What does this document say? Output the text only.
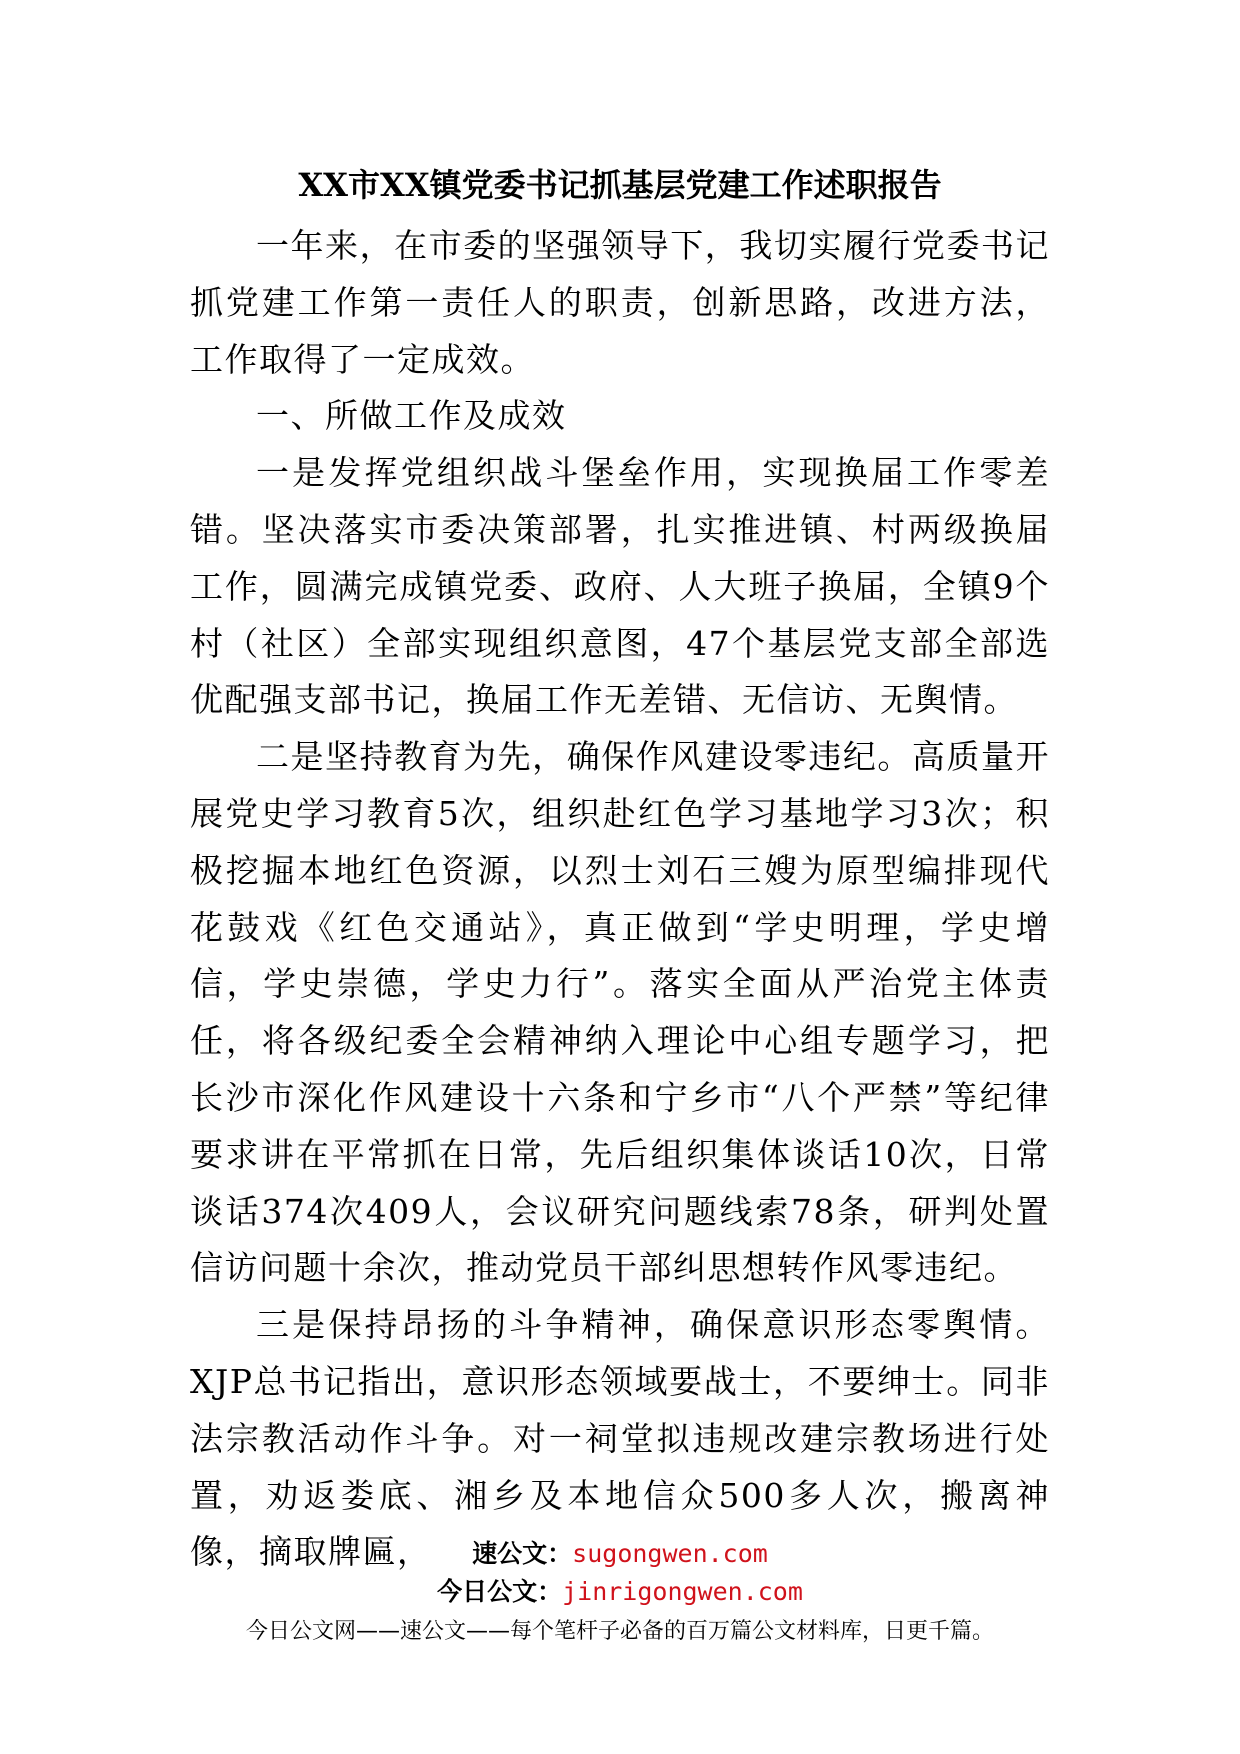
XX市XX镇党委书记抓基层党建工作述职报告

一年来，在市委的坚强领导下，我切实履行党委书记抓党建工作第一责任人的职责，创新思路，改进方法，工作取得了一定成效。

一、所做工作及成效

一是发挥党组织战斗堡垒作用，实现换届工作零差错。坚决落实市委决策部署，扎实推进镇、村两级换届工作，圆满完成镇党委、政府、人大班子换届，全镇9个村（社区）全部实现组织意图，47个基层党支部全部选优配强支部书记，换届工作无差错、无信访、无舆情。

二是坚持教育为先，确保作风建设零违纪。高质量开展党史学习教育5次，组织赴红色学习基地学习3次；积极挖掘本地红色资源，以烈士刘石三嫂为原型编排现代花鼓戏《红色交通站》，真正做到“学史明理，学史增信，学史崇德，学史力行”。落实全面从严治党主体责任，将各级纪委全会精神纳入理论中心组专题学习，把长沙市深化作风建设十六条和宁乡市“八个严禁”等纪律要求讲在平常抓在日常，先后组织集体谈话10次，日常谈话374次409人，会议研究问题线索78条，研判处置信访问题十余次，推动党员干部纠思想转作风零违纪。

三是保持昂扬的斗争精神，确保意识形态零舆情。XJP总书记指出，意识形态领域要战士，不要绅士。同非法宗教活动作斗争。对一祠堂拟违规改建宗教场进行处置，劝返娄底、湘乡及本地信众500多人次，搬离神像，摘取牌匾，	速公文：sugongwen.com
今日公文：jinrigongwen.com
今日公文网——速公文——每个笔杆子必备的百万篇公文材料库，日更千篇。
